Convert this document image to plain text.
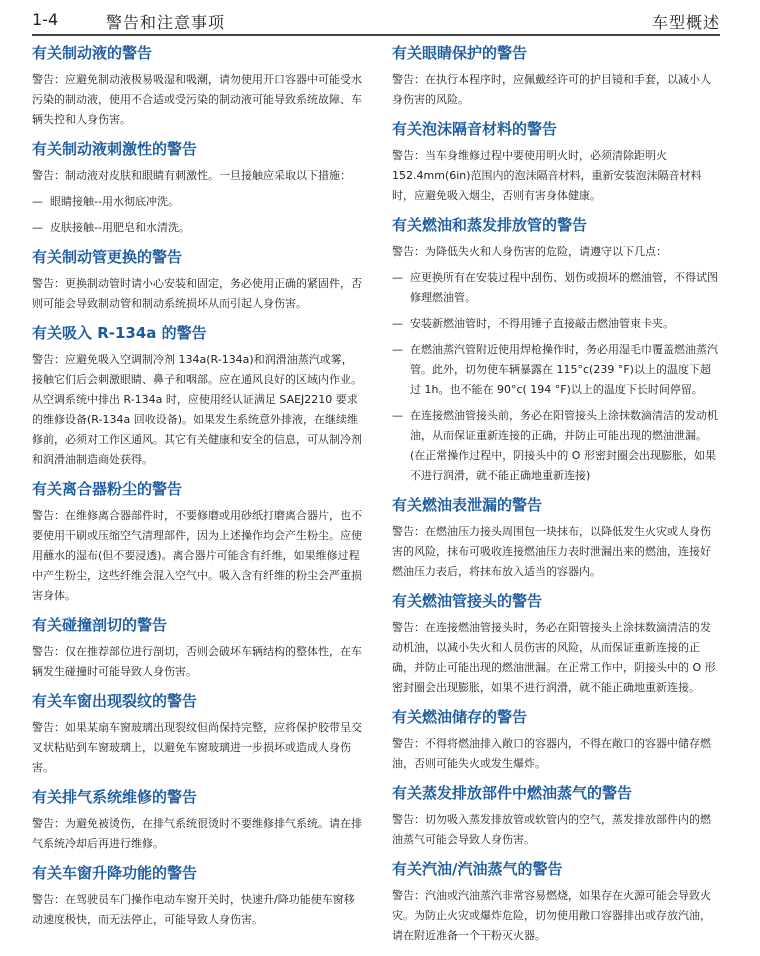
1-4	警告和注意事项	车型概述
有关制动液的警告

警告：应避免制动液极易吸湿和吸潮，请勿使用开口容器中可能受水污染的制动液，使用不合适或受污染的制动液可能导致系统故障、车辆失控和人身伤害。

有关制动液刺激性的警告

警告：制动液对皮肤和眼睛有刺激性。一旦接触应采取以下措施：

— 眼睛接触--用水彻底冲洗。
— 皮肤接触--用肥皂和水清洗。
有关制动管更换的警告

警告：更换制动管时请小心安装和固定，务必使用正确的紧固件，否则可能会导致制动管和制动系统损坏从而引起人身伤害。

有关吸入 R-134a 的警告

警告：应避免吸入空调制冷剂 134a(R-134a)和润滑油蒸汽或雾，接触它们后会刺激眼睛、鼻子和咽部。应在通风良好的区域内作业。从空调系统中排出 R-134a 时，应使用经认证满足 SAEJ2210 要求的维修设备(R-134a 回收设备)。如果发生系统意外排液，在继续维修前，必须对工作区通风。其它有关健康和安全的信息，可从制冷剂和润滑油制造商处获得。

有关离合器粉尘的警告

警告：在维修离合器部件时，不要修磨或用砂纸打磨离合器片，也不要使用干刷或压缩空气清理部件，因为上述操作均会产生粉尘。应使用蘸水的湿布(但不要浸透)。离合器片可能含有纤维，如果维修过程中产生粉尘，这些纤维会混入空气中。吸入含有纤维的粉尘会严重损害身体。

有关碰撞剖切的警告

警告：仅在推荐部位进行剖切，否则会破坏车辆结构的整体性，在车辆发生碰撞时可能导致人身伤害。

有关车窗出现裂纹的警告

警告：如果某扇车窗玻璃出现裂纹但尚保持完整，应将保护胶带呈交叉状粘贴到车窗玻璃上，以避免车窗玻璃进一步损坏或造成人身伤害。

有关排气系统维修的警告

警告：为避免被烫伤，在排气系统很烫时不要维修排气系统。请在排气系统冷却后再进行维修。

有关车窗升降功能的警告

警告：在驾驶员车门操作电动车窗开关时，快速升/降功能使车窗移动速度极快，而无法停止，可能导致人身伤害。

有关眼睛保护的警告

警告：在执行本程序时，应佩戴经许可的护目镜和手套，以减小人身伤害的风险。

有关泡沫隔音材料的警告

警告：当车身维修过程中要使用明火时，必须清除距明火 152.4mm(6in)范围内的泡沫隔音材料，重新安装泡沫隔音材料时，应避免吸入烟尘，否则有害身体健康。

有关燃油和蒸发排放管的警告

警告：为降低失火和人身伤害的危险，请遵守以下几点：

— 应更换所有在安装过程中刮伤、划伤或损坏的燃油管，不得试图修理燃油管。
— 安装新燃油管时，不得用锤子直接敲击燃油管束卡夹。
— 在燃油蒸汽管附近使用焊枪操作时，务必用湿毛巾覆盖燃油蒸汽管。此外，切勿使车辆暴露在 115°c(239 °F)以上的温度下超过 1h。也不能在 90°c( 194 °F)以上的温度下长时间停留。
— 在连接燃油管接头前，务必在阳管接头上涂抹数滴清洁的发动机油，从而保证重新连接的正确，并防止可能出现的燃油泄漏。(在正常操作过程中，阴接头中的 O 形密封圈会出现膨胀，如果不进行润滑，就不能正确地重新连接)
有关燃油表泄漏的警告

警告：在燃油压力接头周围包一块抹布，以降低发生火灾或人身伤害的风险，抹布可吸收连接燃油压力表时泄漏出来的燃油，连接好燃油压力表后，将抹布放入适当的容器内。

有关燃油管接头的警告

警告：在连接燃油管接头时，务必在阳管接头上涂抹数滴清洁的发动机油，以减小失火和人员伤害的风险，从而保证重新连接的正确，并防止可能出现的燃油泄漏。在正常工作中，阴接头中的 O 形密封圈会出现膨胀，如果不进行润滑，就不能正确地重新连接。

有关燃油储存的警告

警告：不得将燃油排入敞口的容器内，不得在敞口的容器中储存燃油，否则可能失火或发生爆炸。

有关蒸发排放部件中燃油蒸气的警告

警告：切勿吸入蒸发排放管或软管内的空气，蒸发排放部件内的燃油蒸气可能会导致人身伤害。

有关汽油/汽油蒸气的警告

警告：汽油或汽油蒸汽非常容易燃烧，如果存在火源可能会导致火灾。为防止火灾或爆炸危险，切勿使用敞口容器排出或存放汽油，请在附近准备一个干粉灭火器。
